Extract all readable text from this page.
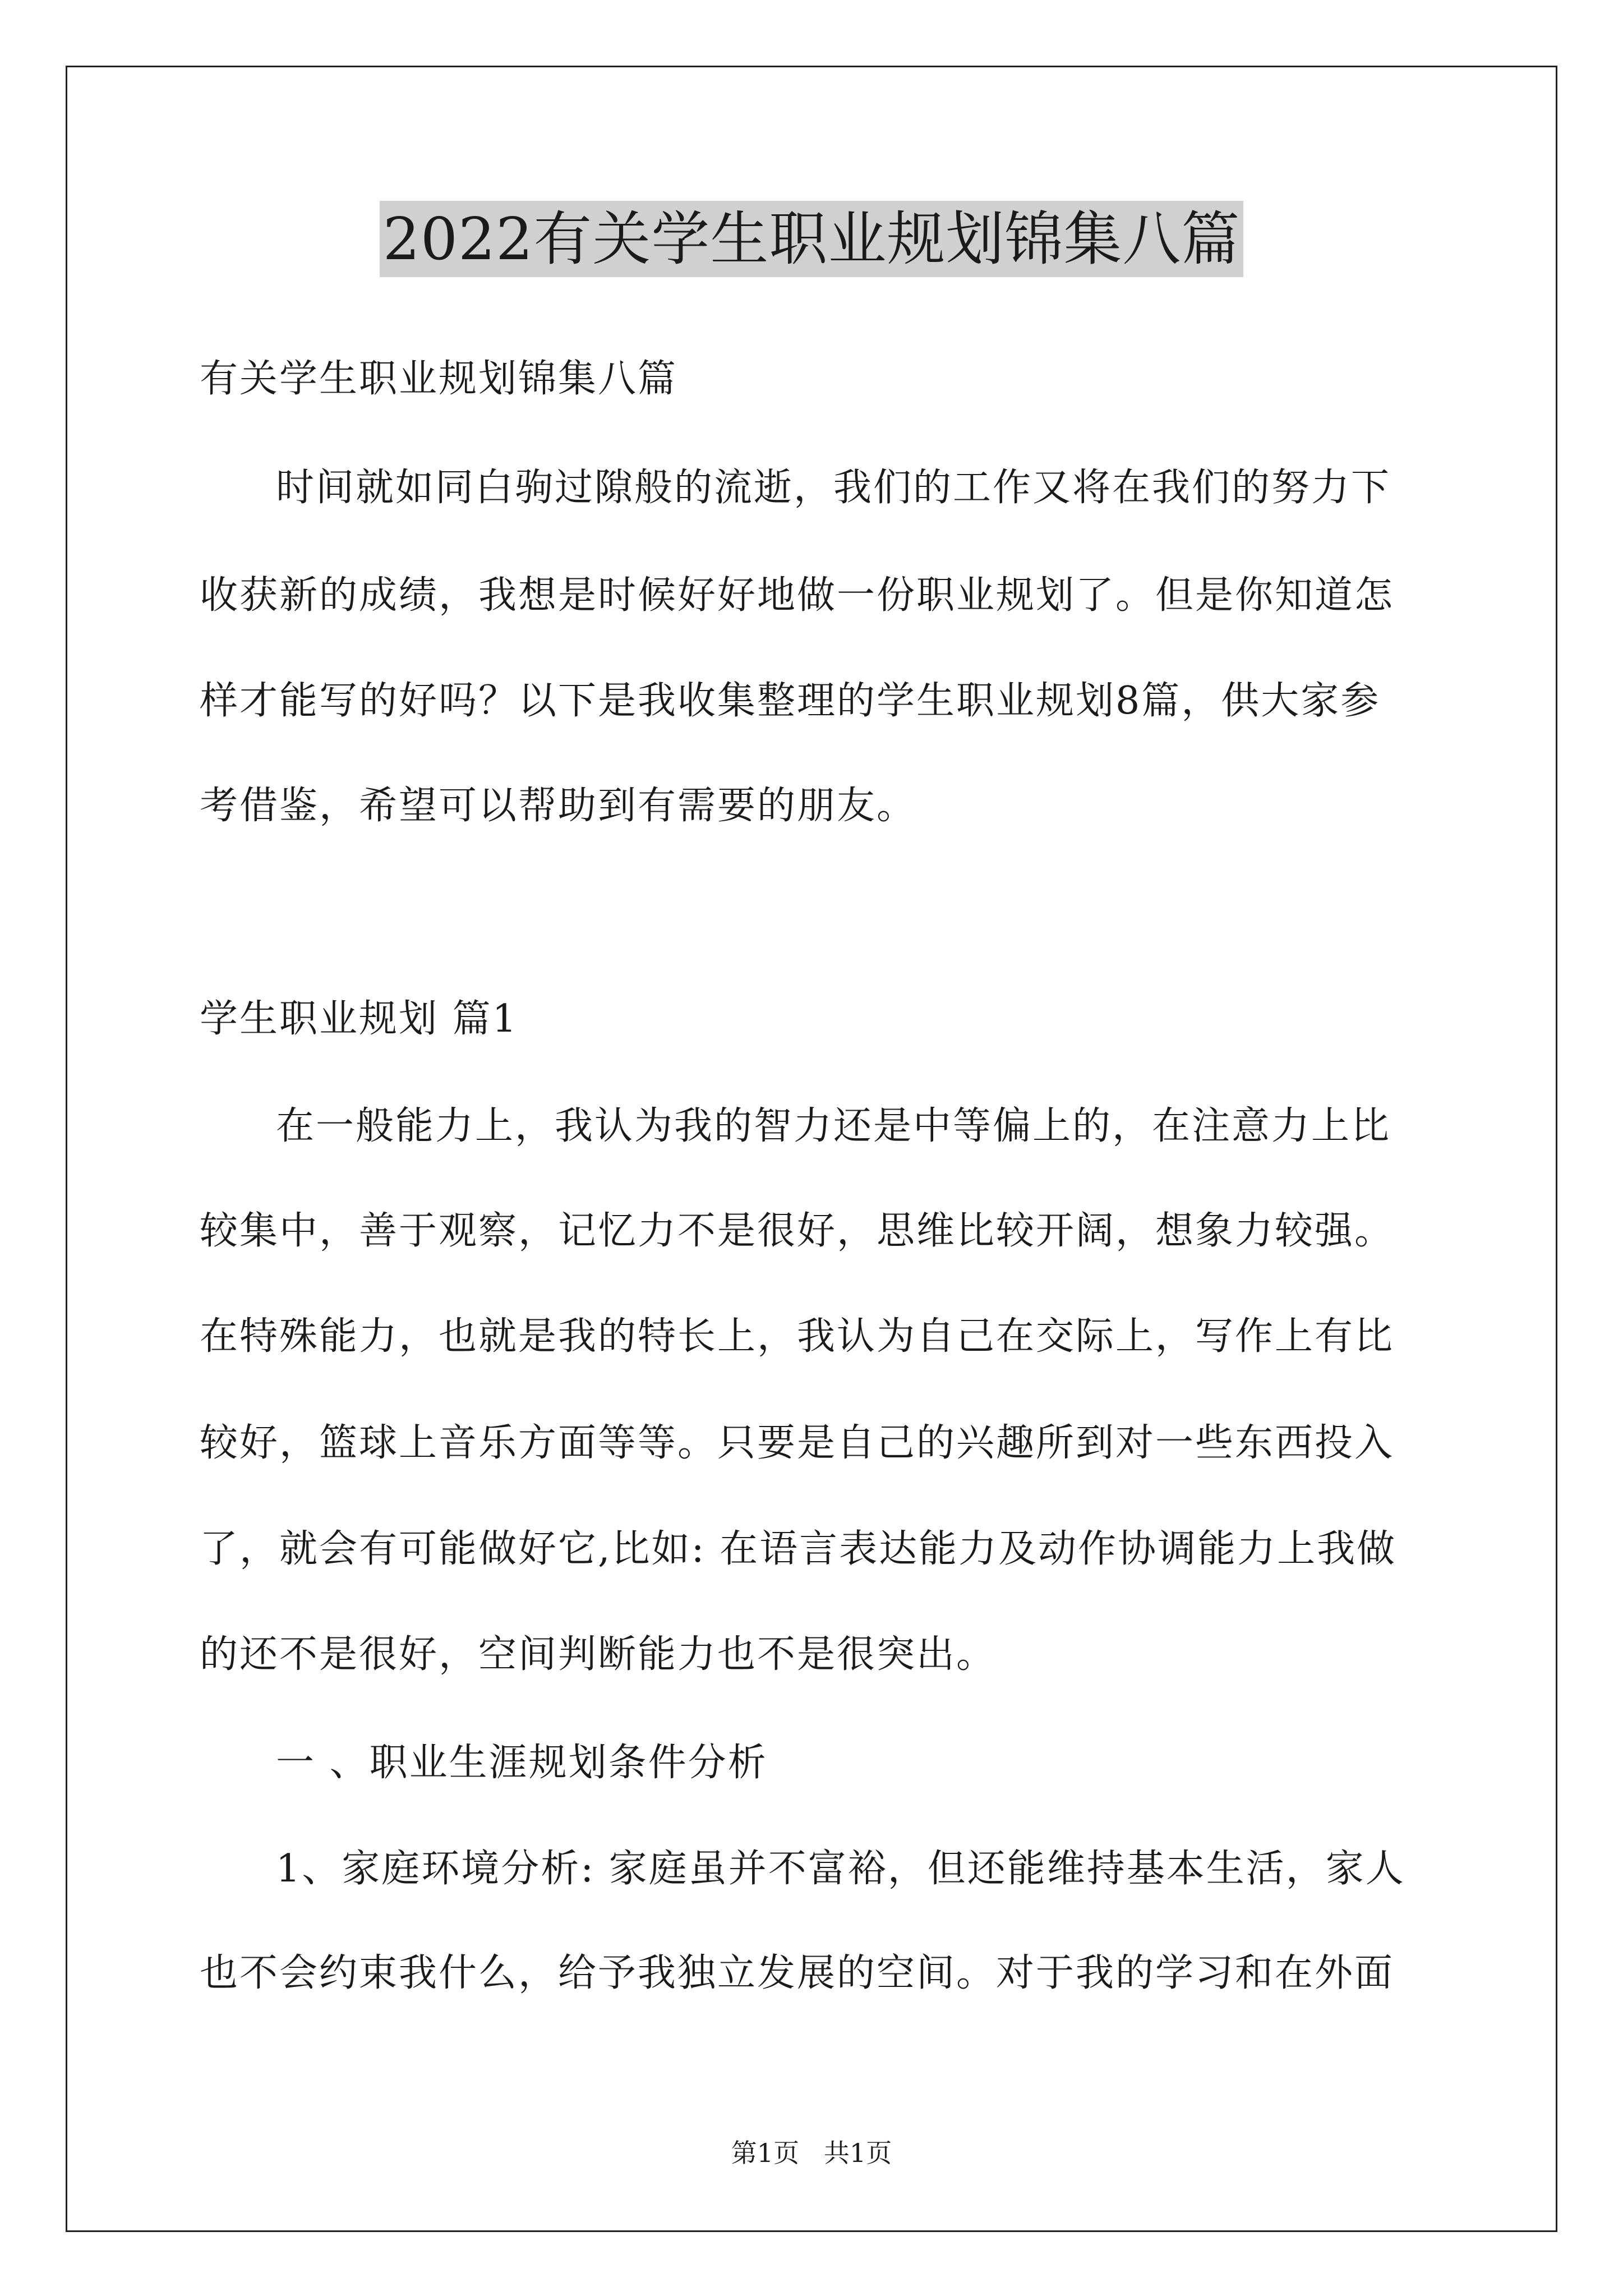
2022有关学生职业规划锦集八篇
有关学生职业规划锦集八篇
时间就如同白驹过隙般的流逝，我们的工作又将在我们的努力下
收获新的成绩，我想是时候好好地做一份职业规划了。但是你知道怎
样才能写的好吗？以下是我收集整理的学生职业规划8篇，供大家参
考借鉴，希望可以帮助到有需要的朋友。
学生职业规划 篇1
在一般能力上，我认为我的智力还是中等偏上的，在注意力上比
较集中，善于观察，记忆力不是很好，思维比较开阔，想象力较强。
在特殊能力，也就是我的特长上，我认为自己在交际上，写作上有比
较好，篮球上音乐方面等等。只要是自己的兴趣所到对一些东西投入
了，就会有可能做好它,比如: 在语言表达能力及动作协调能力上我做
的还不是很好，空间判断能力也不是很突出。
一 、职业生涯规划条件分析
1、家庭环境分析: 家庭虽并不富裕，但还能维持基本生活，家人
也不会约束我什么，给予我独立发展的空间。对于我的学习和在外面
第1页   共1页
